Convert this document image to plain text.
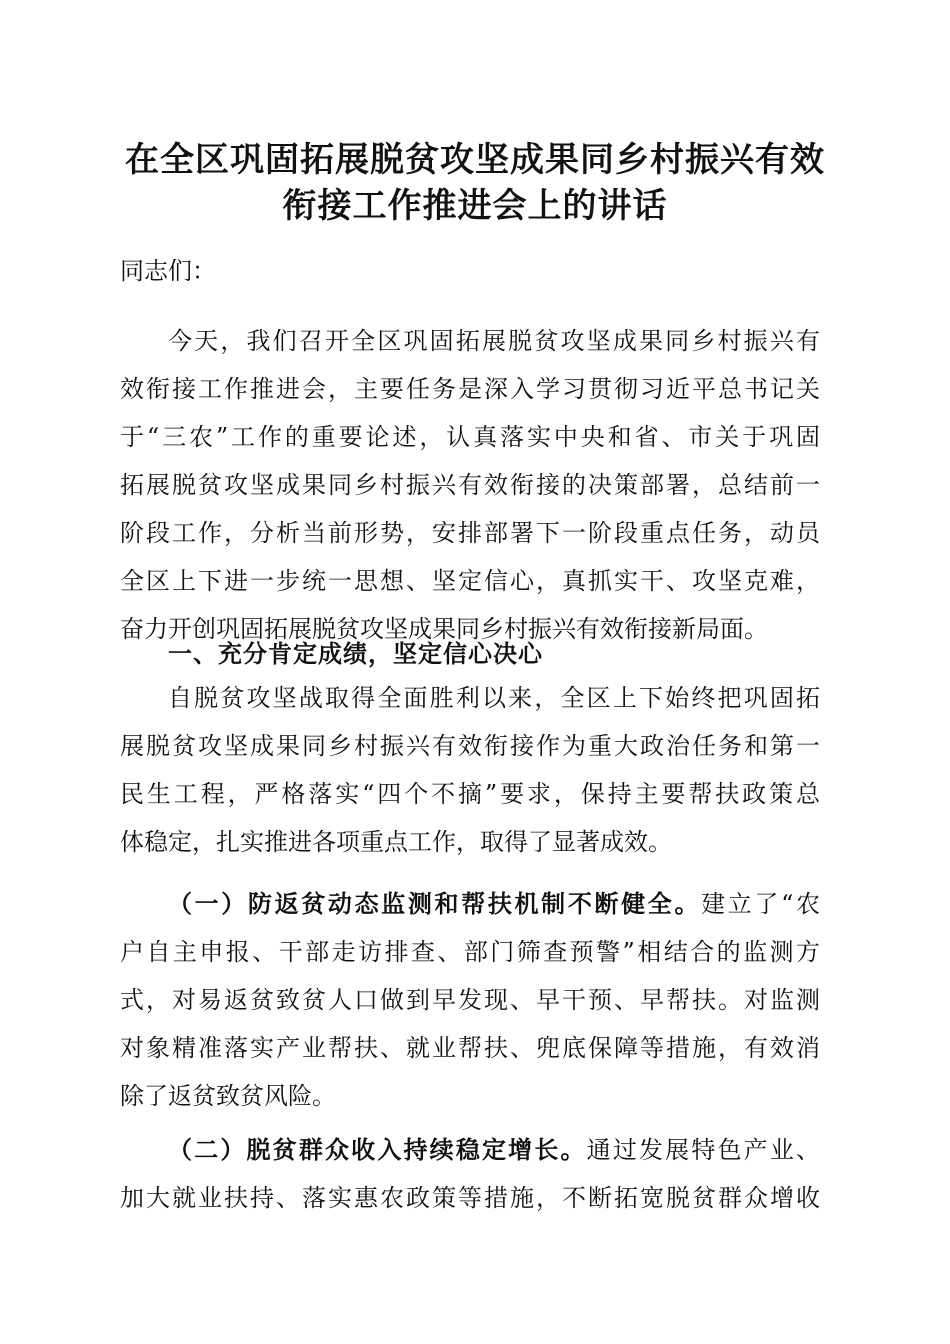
在全区巩固拓展脱贫攻坚成果同乡村振兴有效
衔接工作推进会上的讲话

同志们：

今天，我们召开全区巩固拓展脱贫攻坚成果同乡村振兴有

效衔接工作推进会，主要任务是深入学习贯彻习近平总书记关

于“三农”工作的重要论述，认真落实中央和省、市关于巩固

拓展脱贫攻坚成果同乡村振兴有效衔接的决策部署，总结前一

阶段工作，分析当前形势，安排部署下一阶段重点任务，动员

全区上下进一步统一思想、坚定信心，真抓实干、攻坚克难，

奋力开创巩固拓展脱贫攻坚成果同乡村振兴有效衔接新局面。

一、充分肯定成绩，坚定信心决心

自脱贫攻坚战取得全面胜利以来，全区上下始终把巩固拓

展脱贫攻坚成果同乡村振兴有效衔接作为重大政治任务和第一

民生工程，严格落实“四个不摘”要求，保持主要帮扶政策总

体稳定，扎实推进各项重点工作，取得了显著成效。

（一）防返贫动态监测和帮扶机制不断健全。建立了“农

户自主申报、干部走访排查、部门筛查预警”相结合的监测方

式，对易返贫致贫人口做到早发现、早干预、早帮扶。对监测

对象精准落实产业帮扶、就业帮扶、兜底保障等措施，有效消

除了返贫致贫风险。

（二）脱贫群众收入持续稳定增长。通过发展特色产业、

加大就业扶持、落实惠农政策等措施，不断拓宽脱贫群众增收
